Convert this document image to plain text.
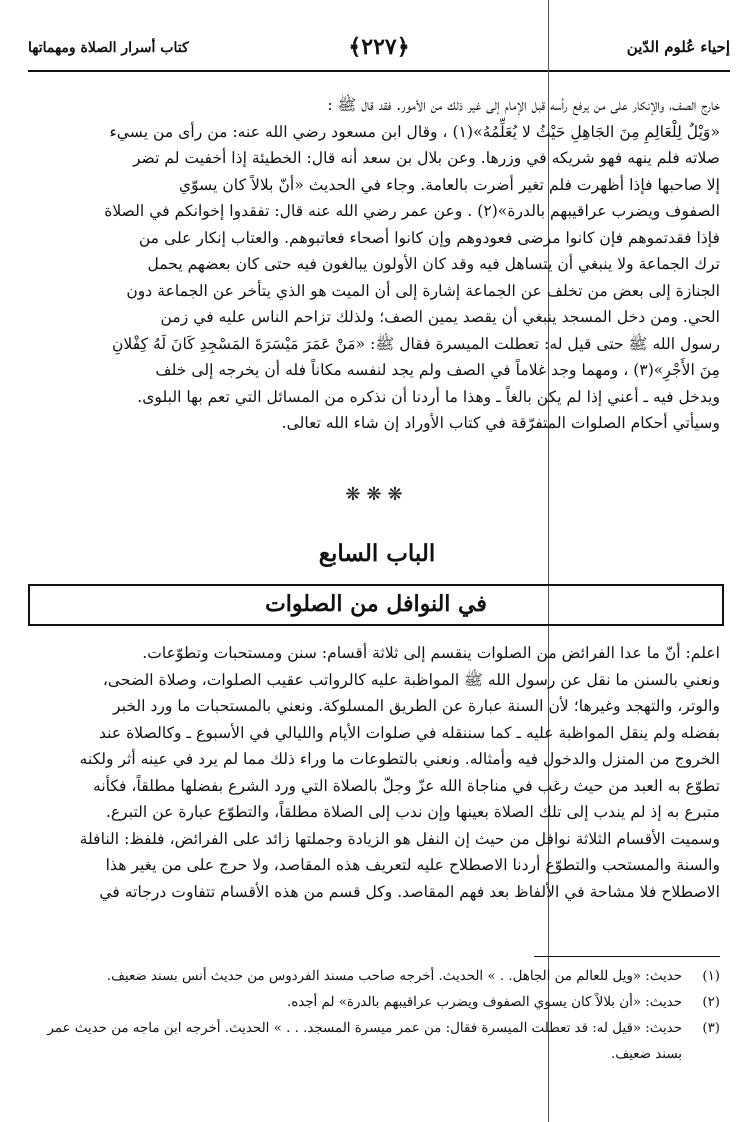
إحياء عُلوم الدّين
﴿٢٢٧﴾
كتاب أسرار الصلاة ومهماتها

خارج الصف، والإنكار على من يرفع رأسه قبل الإمام إلى غير ذلك من الأمور. فقد قال ﷺ :

«وَيْلٌ لِلْعَالِمِ مِنَ الجَاهِلِ حَيْثُ لا يُعَلِّمُهُ»(١) ، وقال ابن مسعود رضي الله عنه: من رأى من يسيء

صلاته فلم ينهه فهو شريكه في وزرها. وعن بلال بن سعد أنه قال: الخطيئة إذا أخفيت لم تضر

إلا صاحبها فإذا أظهرت فلم تغير أضرت بالعامة. وجاء في الحديث «أنّ بلالاً كان يسوّي

الصفوف ويضرب عراقيبهم بالدرة»(٢) . وعن عمر رضي الله عنه قال: تفقدوا إخوانكم في الصلاة

فإذا فقدتموهم فإن كانوا مرضى فعودوهم وإن كانوا أصحاء فعاتبوهم. والعتاب إنكار على من

ترك الجماعة ولا ينبغي أن يتساهل فيه وقد كان الأولون يبالغون فيه حتى كان بعضهم يحمل

الجنازة إلى بعض من تخلف عن الجماعة إشارة إلى أن الميت هو الذي يتأخر عن الجماعة دون

الحي. ومن دخل المسجد ينبغي أن يقصد يمين الصف؛ ولذلك تزاحم الناس عليه في زمن

رسول الله ﷺ حتى قيل له: تعطلت الميسرة فقال ﷺ: «مَنْ عَمَرَ مَيْسَرَةَ المَسْجِدِ كَانَ لَهُ كِفْلانِ

مِنَ الأَجْرِ»(٣) ، ومهما وجد غلاماً في الصف ولم يجد لنفسه مكاناً فله أن يخرجه إلى خلف

ويدخل فيه ـ أعني إذا لم يكن بالغاً ـ وهذا ما أردنا أن نذكره من المسائل التي تعم بها البلوى.

وسيأتي أحكام الصلوات المتفرّقة في كتاب الأوراد إن شاء الله تعالى.

❋❋❋
الباب السابع
في النوافل من الصلوات

اعلم: أنّ ما عدا الفرائض من الصلوات ينقسم إلى ثلاثة أقسام: سنن ومستحبات وتطوّعات.

ونعني بالسنن ما نقل عن رسول الله ﷺ المواظبة عليه كالرواتب عقيب الصلوات، وصلاة الضحى،

والوتر، والتهجد وغيرها؛ لأن السنة عبارة عن الطريق المسلوكة. ونعني بالمستحبات ما ورد الخبر

بفضله ولم ينقل المواظبة عليه ـ كما سننقله في صلوات الأيام والليالي في الأسبوع ـ وكالصلاة عند

الخروج من المنزل والدخول فيه وأمثاله. ونعني بالتطوعات ما وراء ذلك مما لم يرد في عينه أثر ولكنه

تطوّع به العبد من حيث رغب في مناجاة الله عزّ وجلّ بالصلاة التي ورد الشرع بفضلها مطلقاً، فكأنه

متبرع به إذ لم يندب إلى تلك الصلاة بعينها وإن ندب إلى الصلاة مطلقاً، والتطوّع عبارة عن التبرع.

وسميت الأقسام الثلاثة نوافل من حيث إن النفل هو الزيادة وجملتها زائد على الفرائض، فلفظ: النافلة

والسنة والمستحب والتطوّع أردنا الاصطلاح عليه لتعريف هذه المقاصد، ولا حرج على من يغير هذا

الاصطلاح فلا مشاحة في الألفاظ بعد فهم المقاصد. وكل قسم من هذه الأقسام تتفاوت درجاته في

(١)
حديث: «ويل للعالم من الجاهل. . » الحديث. أخرجه صاحب مسند الفردوس من حديث أنس بسند ضعيف.

(٢)
حديث: «أن بلالاً كان يسوي الصفوف ويضرب عراقيبهم بالدرة» لم أجده.

(٣)
حديث: «قيل له: قد تعطلت الميسرة فقال: من عمر ميسرة المسجد. . . » الحديث. أخرجه ابن ماجه من حديث عمر بسند ضعيف.
